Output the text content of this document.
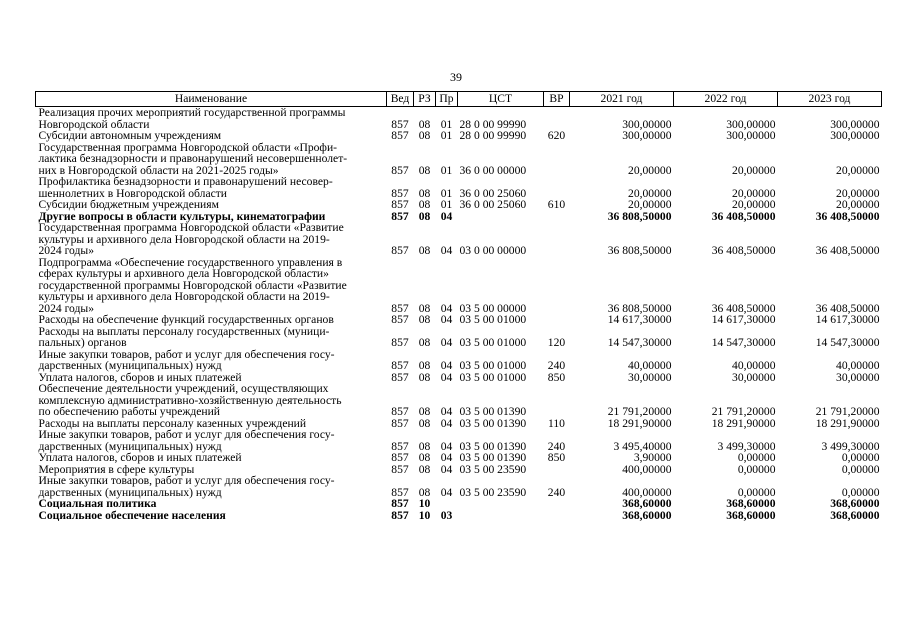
39
Наименование	Вед	РЗ	Пр	ЦСТ	ВР	2021 год	2022 год	2023 год
Реализация прочих мероприятий государственной программы
Новгородской области	857	08	01	28 0 00 99990		300,00000	300,00000	300,00000
Субсидии автономным учреждениям	857	08	01	28 0 00 99990	620	300,00000	300,00000	300,00000
Государственная программа Новгородской области «Профи-
лактика безнадзорности и правонарушений несовершеннолет-
них в Новгородской области на 2021-2025 годы»	857	08	01	36 0 00 00000		20,00000	20,00000	20,00000
Профилактика безнадзорности и правонарушений несовер-
шеннолетних в Новгородской области	857	08	01	36 0 00 25060		20,00000	20,00000	20,00000
Субсидии бюджетным учреждениям	857	08	01	36 0 00 25060	610	20,00000	20,00000	20,00000
Другие вопросы в области культуры, кинематографии	857	08	04			36 808,50000	36 408,50000	36 408,50000
Государственная программа Новгородской области «Развитие
культуры и архивного дела Новгородской области на 2019-
2024 годы»	857	08	04	03 0 00 00000		36 808,50000	36 408,50000	36 408,50000
Подпрограмма «Обеспечение государственного управления в
сферах культуры и архивного дела Новгородской области»
государственной программы Новгородской области «Развитие
культуры и архивного дела Новгородской области на 2019-
2024 годы»	857	08	04	03 5 00 00000		36 808,50000	36 408,50000	36 408,50000
Расходы на обеспечение функций государственных органов	857	08	04	03 5 00 01000		14 617,30000	14 617,30000	14 617,30000
Расходы на выплаты персоналу государственных (муници-
пальных) органов	857	08	04	03 5 00 01000	120	14 547,30000	14 547,30000	14 547,30000
Иные закупки товаров, работ и услуг для обеспечения госу-
дарственных (муниципальных) нужд	857	08	04	03 5 00 01000	240	40,00000	40,00000	40,00000
Уплата налогов, сборов и иных платежей	857	08	04	03 5 00 01000	850	30,00000	30,00000	30,00000
Обеспечение деятельности учреждений, осуществляющих
комплексную административно-хозяйственную деятельность
по обеспечению работы учреждений	857	08	04	03 5 00 01390		21 791,20000	21 791,20000	21 791,20000
Расходы на выплаты персоналу казенных учреждений	857	08	04	03 5 00 01390	110	18 291,90000	18 291,90000	18 291,90000
Иные закупки товаров, работ и услуг для обеспечения госу-
дарственных (муниципальных) нужд	857	08	04	03 5 00 01390	240	3 495,40000	3 499,30000	3 499,30000
Уплата налогов, сборов и иных платежей	857	08	04	03 5 00 01390	850	3,90000	0,00000	0,00000
Мероприятия в сфере культуры	857	08	04	03 5 00 23590		400,00000	0,00000	0,00000
Иные закупки товаров, работ и услуг для обеспечения госу-
дарственных (муниципальных) нужд	857	08	04	03 5 00 23590	240	400,00000	0,00000	0,00000
Социальная политика	857	10				368,60000	368,60000	368,60000
Социальное обеспечение населения	857	10	03			368,60000	368,60000	368,60000
